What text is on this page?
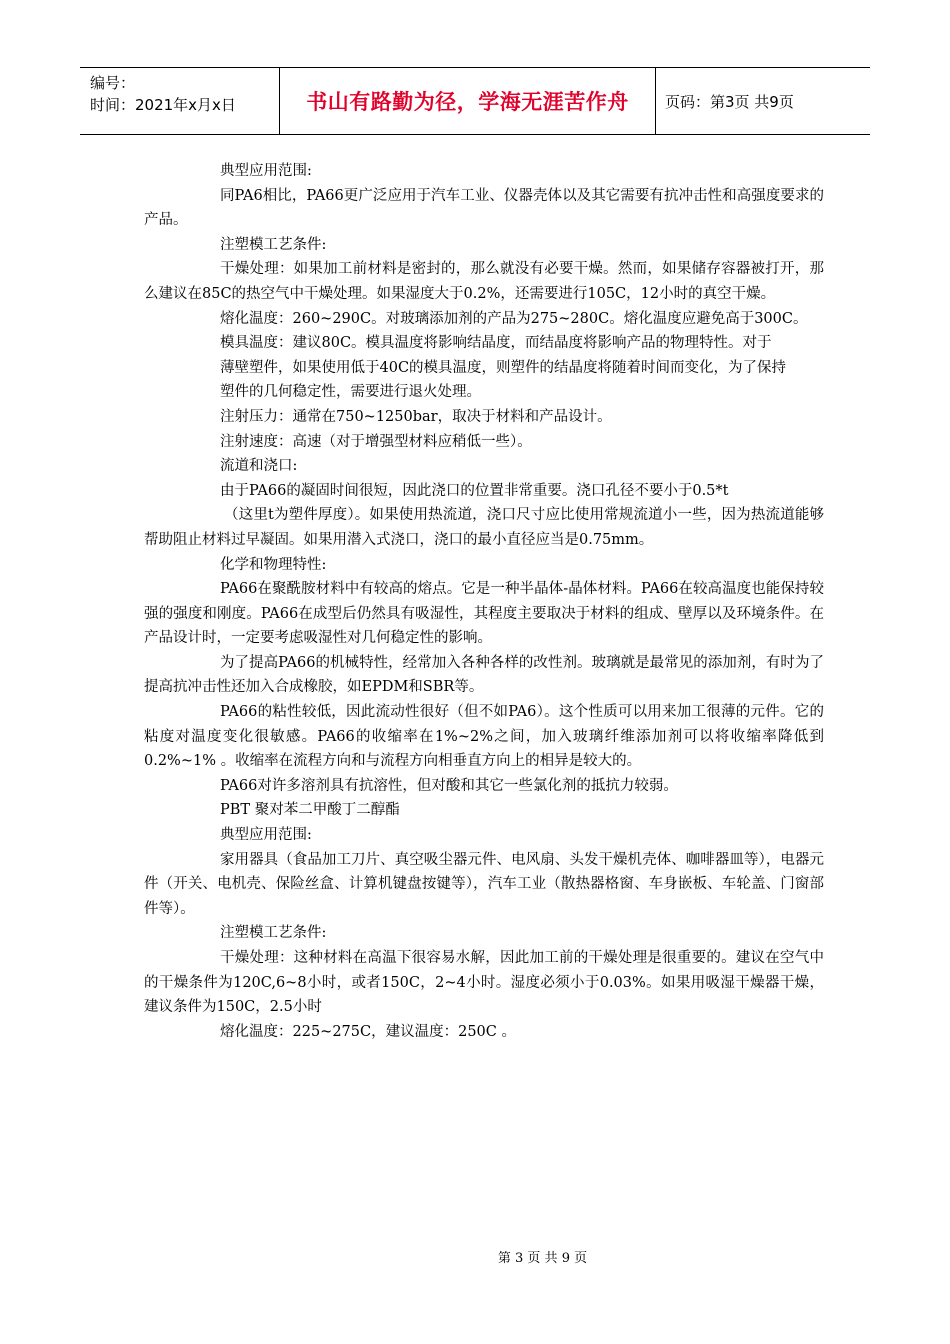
编号：
时间：2021年x月x日	书山有路勤为径，学海无涯苦作舟	页码：第3页 共9页

典型应用范围:

同PA6相比，PA66更广泛应用于汽车工业、仪器壳体以及其它需要有抗冲击性和高强度要求的产品。

注塑模工艺条件:

干燥处理：如果加工前材料是密封的，那么就没有必要干燥。然而，如果储存容器被打开，那么建议在85C的热空气中干燥处理。如果湿度大于0.2%，还需要进行105C，12小时的真空干燥。

熔化温度：260~290C。对玻璃添加剂的产品为275~280C。熔化温度应避免高于300C。

模具温度：建议80C。模具温度将影响结晶度，而结晶度将影响产品的物理特性。对于

薄壁塑件，如果使用低于40C的模具温度，则塑件的结晶度将随着时间而变化，为了保持

塑件的几何稳定性，需要进行退火处理。

注射压力：通常在750~1250bar，取决于材料和产品设计。

注射速度：高速（对于增强型材料应稍低一些）。

流道和浇口:

由于PA66的凝固时间很短，因此浇口的位置非常重要。浇口孔径不要小于0.5*t

（这里t为塑件厚度）。如果使用热流道，浇口尺寸应比使用常规流道小一些，因为热流道能够帮助阻止材料过早凝固。如果用潜入式浇口，浇口的最小直径应当是0.75mm。

化学和物理特性:

PA66在聚酰胺材料中有较高的熔点。它是一种半晶体-晶体材料。PA66在较高温度也能保持较强的强度和刚度。PA66在成型后仍然具有吸湿性，其程度主要取决于材料的组成、壁厚以及环境条件。在产品设计时，一定要考虑吸湿性对几何稳定性的影响。

为了提高PA66的机械特性，经常加入各种各样的改性剂。玻璃就是最常见的添加剂，有时为了提高抗冲击性还加入合成橡胶，如EPDM和SBR等。

PA66的粘性较低，因此流动性很好（但不如PA6）。这个性质可以用来加工很薄的元件。它的粘度对温度变化很敏感。PA66的收缩率在1%~2%之间，加入玻璃纤维添加剂可以将收缩率降低到0.2%~1% 。收缩率在流程方向和与流程方向相垂直方向上的相异是较大的。

PA66对许多溶剂具有抗溶性，但对酸和其它一些氯化剂的抵抗力较弱。

PBT 聚对苯二甲酸丁二醇酯

典型应用范围:

家用器具（食品加工刀片、真空吸尘器元件、电风扇、头发干燥机壳体、咖啡器皿等），电器元件（开关、电机壳、保险丝盒、计算机键盘按键等），汽车工业（散热器格窗、车身嵌板、车轮盖、门窗部件等）。

注塑模工艺条件:

干燥处理：这种材料在高温下很容易水解，因此加工前的干燥处理是很重要的。建议在空气中的干燥条件为120C,6~8小时，或者150C，2~4小时。湿度必须小于0.03%。如果用吸湿干燥器干燥，建议条件为150C，2.5小时

熔化温度：225~275C，建议温度：250C 。

第 3 页 共 9 页
